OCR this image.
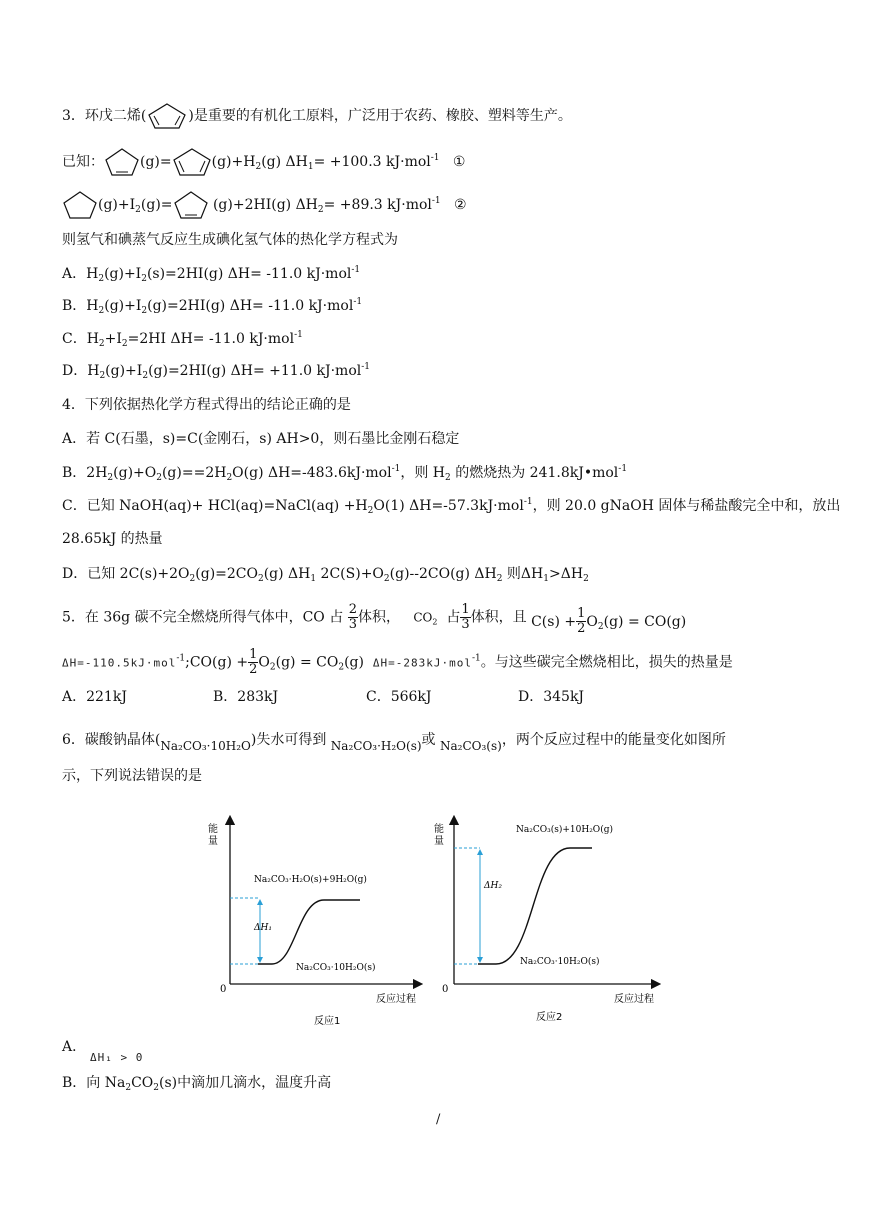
3．环戊二烯(	)是重要的有机化工原料，广泛用于农药、橡胶、塑料等生产。
已知：	(g)=	$(g)+H_2(g)$ $\Delta H_1= +100.3$ kJ·mol$^{-1}$ ①
$(g)+I_2(g)=$	(g)+2HI(g) $\Delta H_2= +89.3$ kJ·mol$^{-1}$ ②
则氢气和碘蒸气反应生成碘化氢气体的热化学方程式为
A．$H_2(g)+I_2(s)=2HI(g)$ ΔH= -11.0 kJ·mol$^{-1}$
B．$H_2(g)+I_2(g)=2HI(g)$ ΔH= -11.0 kJ·mol$^{-1}$
C．$H_2+I_2=2HI$ ΔH= -11.0 kJ·mol$^{-1}$
D．$H_2(g)+I_2(g)=2HI(g)$ ΔH= +11.0 kJ·mol$^{-1}$
4．下列依据热化学方程式得出的结论正确的是
A．若 C(石墨，s)=C(金刚石，s) AH>0，则石墨比金刚石稳定
B．$2H_2(g)+O_2(g)==2H_2O(g)$ ΔH=-483.6kJ·mol$^{-1}$，则 $H_2$ 的燃烧热为 241.8kJ•mol$^{-1}$
C．已知 NaOH(aq)+ HCl(aq)=NaCl(aq) $+H_2O(1)$ ΔH=-57.3kJ·mol$^{-1}$，则 20.0 gNaOH 固体与稀盐酸完全中和，放出
28.65kJ 的热量
D．已知 $2C(s)+2O_2(g)=2CO_2(g)$ $\Delta H_1$ $2C(S)+O_2(g)--2CO(g)$ $\Delta H_2$ 则$\Delta H_1>\Delta H_2$
5．在 36g 碳不完全燃烧所得气体中，CO 占 $\frac{2}{3}$ 体积， $CO_2$ 占 $\frac{1}{3}$ 体积，且 $C(s) + \frac{1}{2} O_2(g) = CO(g)$
ΔH=-110.5kJ·mol$^{-1}$;CO(g) + $\frac{1}{2} O_2(g) = CO_2(g)$ ΔH=-283kJ·mol$^{-1}$。与这些碳完全燃烧相比，损失的热量是
A．221kJ	B．283kJ	C．566kJ	D．345kJ
6．碳酸钠晶体(Na₂CO₃·10H₂O)失水可得到 Na₂CO₃·H₂O(s)或 Na₂CO₃(s)，两个反应过程中的能量变化如图所
示，下列说法错误的是
能
量
0
反应过程
Na₂CO₃·H₂O(s)+9H₂O(g)
Na₂CO₃·10H₂O(s)
ΔH₁
反应1
能
量
0
反应过程
Na₂CO₃(s)+10H₂O(g)
Na₂CO₃·10H₂O(s)
ΔH₂
反应2
A．
ΔH₁ > 0
B．向 $Na_2CO_2(s)$中滴加几滴水，温度升高
/
